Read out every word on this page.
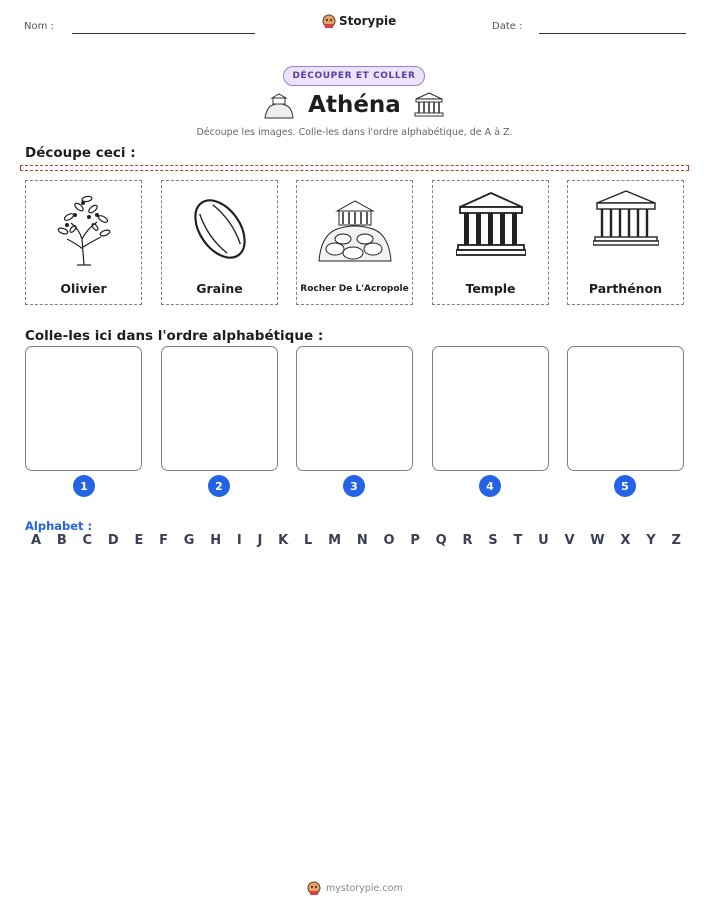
Nom :	Storypie	Date :
DÉCOUPER ET COLLER
Athéna
Découpe les images. Colle-les dans l'ordre alphabétique, de A à Z.
Découpe ceci :
Olivier	Graine	Rocher De L'Acropole	Temple	Parthénon
Colle-les ici dans l'ordre alphabétique :
1	2	3	4	5
Alphabet :
A B C D E F G H I J K L M N O P Q R S T U V W X Y Z
mystorypie.com
